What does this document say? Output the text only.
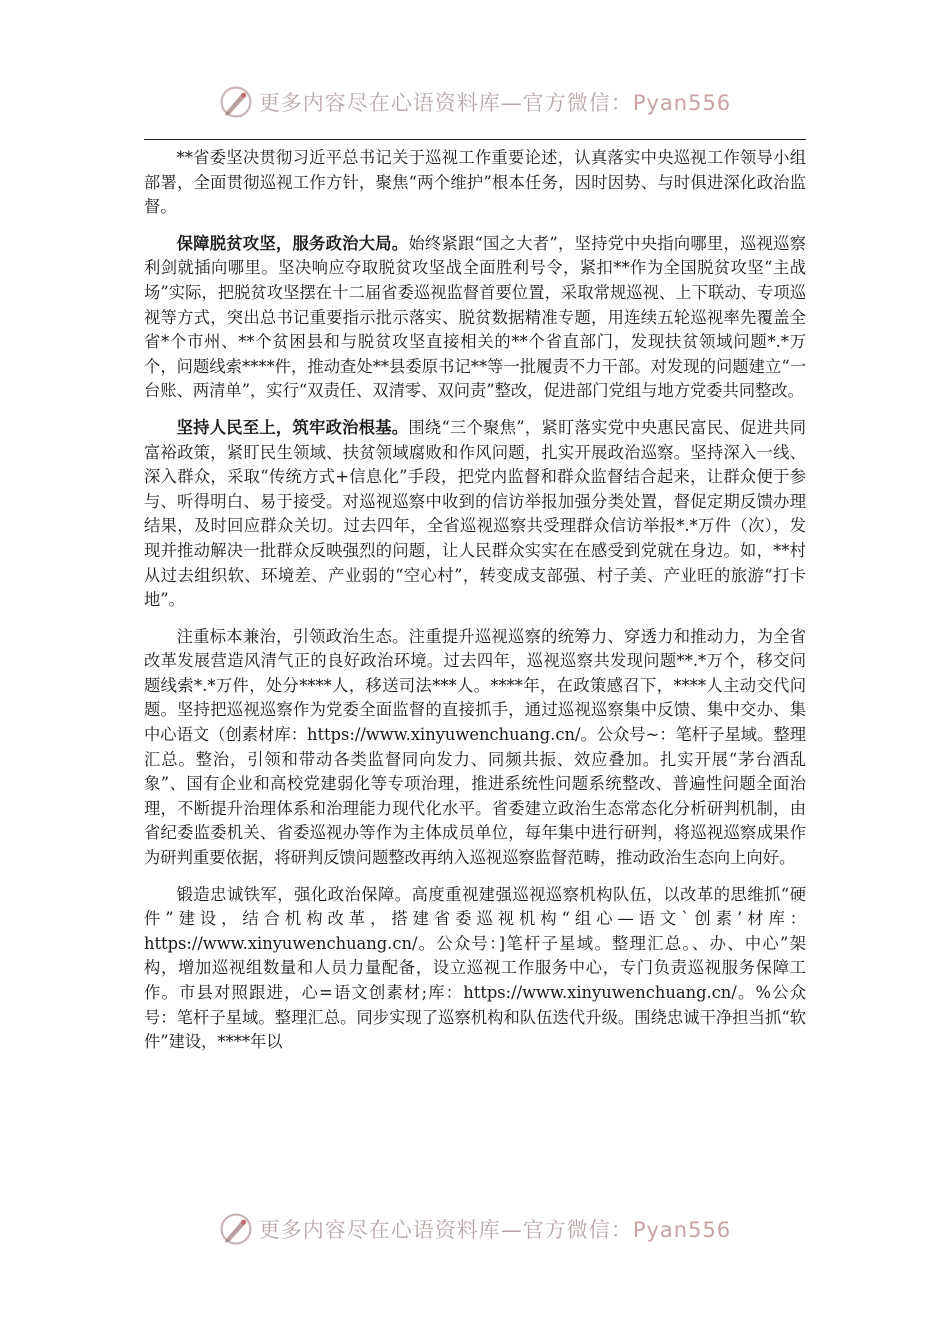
更多内容尽在心语资料库—官方微信：Pyan556

**省委坚决贯彻习近平总书记关于巡视工作重要论述，认真落实中央巡视工作领导小组部署，全面贯彻巡视工作方针，聚焦“两个维护”根本任务，因时因势、与时俱进深化政治监督。

保障脱贫攻坚，服务政治大局。始终紧跟“国之大者”，坚持党中央指向哪里，巡视巡察利剑就插向哪里。坚决响应夺取脱贫攻坚战全面胜利号令，紧扣**作为全国脱贫攻坚“主战场”实际，把脱贫攻坚摆在十二届省委巡视监督首要位置，采取常规巡视、上下联动、专项巡视等方式，突出总书记重要指示批示落实、脱贫数据精准专题，用连续五轮巡视率先覆盖全省*个市州、**个贫困县和与脱贫攻坚直接相关的**个省直部门，发现扶贫领域问题*.*万个，问题线索****件，推动查处**县委原书记**等一批履责不力干部。对发现的问题建立“一台账、两清单”，实行“双责任、双清零、双问责”整改，促进部门党组与地方党委共同整改。

坚持人民至上，筑牢政治根基。围绕“三个聚焦”，紧盯落实党中央惠民富民、促进共同富裕政策，紧盯民生领域、扶贫领域腐败和作风问题，扎实开展政治巡察。坚持深入一线、深入群众，采取“传统方式+信息化”手段，把党内监督和群众监督结合起来，让群众便于参与、听得明白、易于接受。对巡视巡察中收到的信访举报加强分类处置，督促定期反馈办理结果，及时回应群众关切。过去四年，全省巡视巡察共受理群众信访举报*.*万件（次），发现并推动解决一批群众反映强烈的问题，让人民群众实实在在感受到党就在身边。如，**村从过去组织软、环境差、产业弱的“空心村”，转变成支部强、村子美、产业旺的旅游“打卡地”。

注重标本兼治，引领政治生态。注重提升巡视巡察的统筹力、穿透力和推动力，为全省改革发展营造风清气正的良好政治环境。过去四年，巡视巡察共发现问题**.*万个，移交问题线索*.*万件，处分****人，移送司法***人。****年，在政策感召下，****人主动交代问题。坚持把巡视巡察作为党委全面监督的直接抓手，通过巡视巡察集中反馈、集中交办、集中心语文（创素材库：https://www.xinyuwenchuang.cn/。公众号~：笔杆子星域。整理汇总。整治，引领和带动各类监督同向发力、同频共振、效应叠加。扎实开展“茅台酒乱象”、国有企业和高校党建弱化等专项治理，推进系统性问题系统整改、普遍性问题全面治理，不断提升治理体系和治理能力现代化水平。省委建立政治生态常态化分析研判机制，由省纪委监委机关、省委巡视办等作为主体成员单位，每年集中进行研判，将巡视巡察成果作为研判重要依据，将研判反馈问题整改再纳入巡视巡察监督范畴，推动政治生态向上向好。

锻造忠诚铁军，强化政治保障。高度重视建强巡视巡察机构队伍，以改革的思维抓“硬件”建设，结合机构改革，搭建省委巡视机构“组心—语文`创素’材库：https://www.xinyuwenchuang.cn/。公众号：]笔杆子星域。整理汇总。、办、中心”架构，增加巡视组数量和人员力量配备，设立巡视工作服务中心，专门负责巡视服务保障工作。市县对照跟进，心=语文创素材;库：https://www.xinyuwenchuang.cn/。%公众号：笔杆子星域。整理汇总。同步实现了巡察机构和队伍迭代升级。围绕忠诚干净担当抓“软件”建设，****年以

更多内容尽在心语资料库—官方微信：Pyan556
